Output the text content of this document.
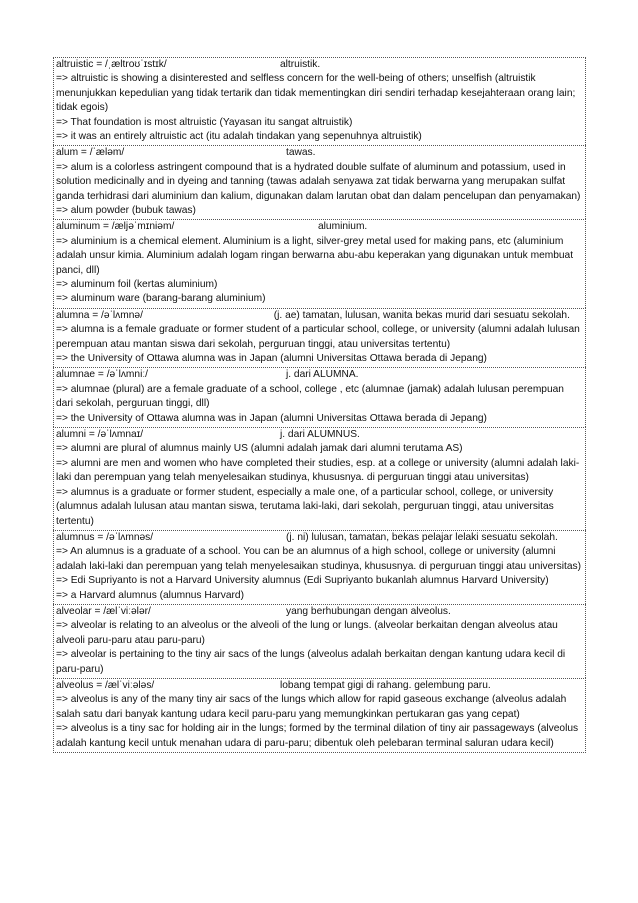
altruistic = /ˌæltroʊˈɪstɪk/	altruistik.
=> altruistic is showing a disinterested and selfless concern for the well-being of others; unselfish (altruistik menunjukkan kepedulian yang tidak tertarik dan tidak mementingkan diri sendiri terhadap kesejahteraan orang lain; tidak egois)
=> That foundation is most altruistic (Yayasan itu sangat altruistik)
=> it was an entirely altruistic act (itu adalah tindakan yang sepenuhnya altruistik)
alum = /ˈæləm/	tawas.
=> alum is a colorless astringent compound that is a hydrated double sulfate of aluminum and potassium, used in solution medicinally and in dyeing and tanning (tawas adalah senyawa zat tidak berwarna yang merupakan sulfat ganda terhidrasi dari aluminium dan kalium, digunakan dalam larutan obat dan dalam pencelupan dan penyamakan)
=> alum powder (bubuk tawas)
aluminum = /æljəˈmɪniəm/	aluminium.
=> aluminium is a chemical element. Aluminium is a light, silver-grey metal used for making pans, etc (aluminium adalah unsur kimia. Aluminium adalah logam ringan berwarna abu-abu keperakan yang digunakan untuk membuat panci, dll)
=> aluminum foil (kertas aluminium)
=> aluminum ware (barang-barang aluminium)
alumna = /əˈlʌmnə/	(j. ae) tamatan, lulusan, wanita bekas murid dari sesuatu sekolah.
=> alumna is a female graduate or former student of a particular school, college, or university (alumni adalah lulusan perempuan atau mantan siswa dari sekolah, perguruan tinggi, atau universitas tertentu)
=> the University of Ottawa alumna was in Japan (alumni Universitas Ottawa berada di Jepang)
alumnae = /əˈlʌmniː/	j. dari ALUMNA.
=> alumnae (plural) are a female graduate of a school, college , etc (alumnae (jamak) adalah lulusan perempuan dari sekolah, perguruan tinggi, dll)
=> the University of Ottawa alumna was in Japan (alumni Universitas Ottawa berada di Jepang)
alumni = /əˈlʌmnaɪ/	j. dari ALUMNUS.
=> alumni are plural of alumnus mainly US (alumni adalah jamak dari alumni terutama AS)
=> alumni are men and women who have completed their studies, esp. at a college or university (alumni adalah laki-laki dan perempuan yang telah menyelesaikan studinya, khususnya. di perguruan tinggi atau universitas)
=> alumnus is a graduate or former student, especially a male one, of a particular school, college, or university (alumnus adalah lulusan atau mantan siswa, terutama laki-laki, dari sekolah, perguruan tinggi, atau universitas tertentu)
alumnus = /əˈlʌmnəs/	(j. ni) lulusan, tamatan, bekas pelajar lelaki sesuatu sekolah.
=> An alumnus is a graduate of a school. You can be an alumnus of a high school, college or university (alumni adalah laki-laki dan perempuan yang telah menyelesaikan studinya, khususnya. di perguruan tinggi atau universitas)
=> Edi Supriyanto is not a Harvard University alumnus (Edi Supriyanto bukanlah alumnus Harvard University)
=> a Harvard alumnus (alumnus Harvard)
alveolar = /ælˈviːələr/	yang berhubungan dengan alveolus.
=> alveolar is relating to an alveolus or the alveoli of the lung or lungs. (alveolar berkaitan dengan alveolus atau alveoli paru-paru atau paru-paru)
=> alveolar is pertaining to the tiny air sacs of the lungs (alveolus adalah berkaitan dengan kantung udara kecil di paru-paru)
alveolus = /ælˈviːələs/	lobang tempat gigi di rahang. gelembung paru.
=> alveolus is any of the many tiny air sacs of the lungs which allow for rapid gaseous exchange (alveolus adalah salah satu dari banyak kantung udara kecil paru-paru yang memungkinkan pertukaran gas yang cepat)
=> alveolus is a tiny sac for holding air in the lungs; formed by the terminal dilation of tiny air passageways (alveolus adalah kantung kecil untuk menahan udara di paru-paru; dibentuk oleh pelebaran terminal saluran udara kecil)
